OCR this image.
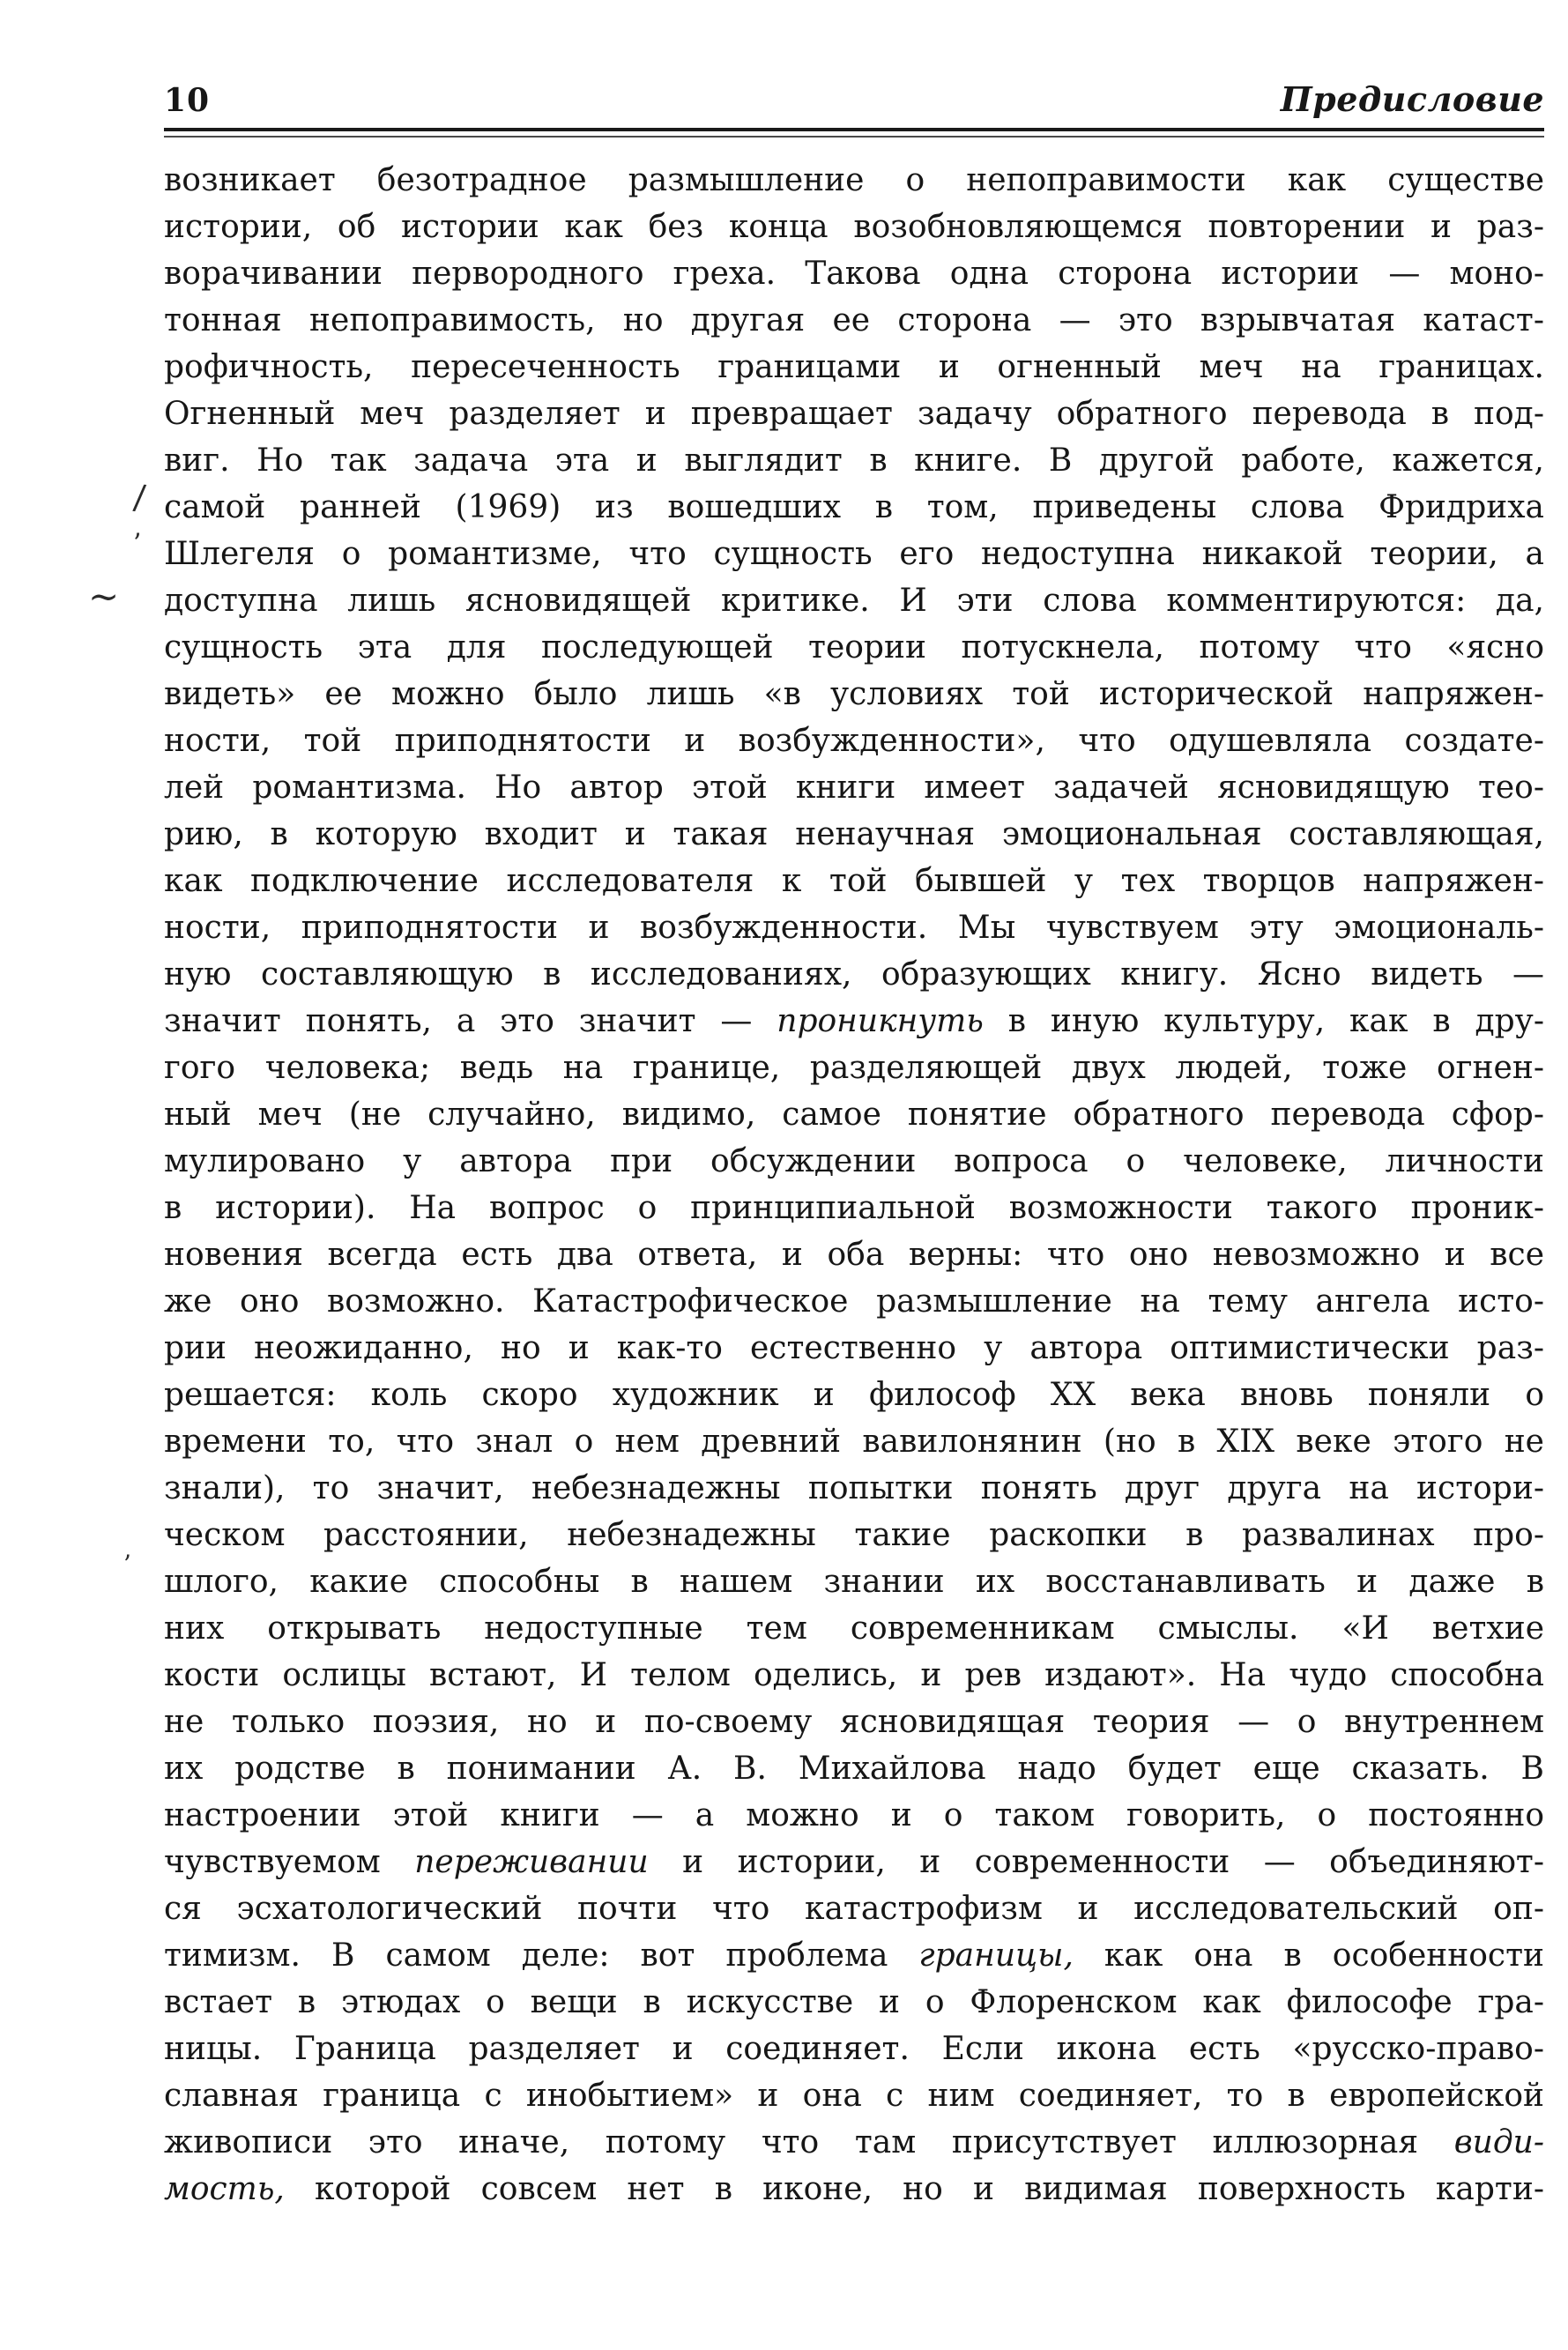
/
ʼ
~
’
10	Предисловие
возникает безотрадное размышление о непоправимости как существе
истории, об истории как без конца возобновляющемся повторении и раз-
ворачивании первородного греха. Такова одна сторона истории — моно-
тонная непоправимость, но другая ее сторона — это взрывчатая катаст-
рофичность, пересеченность границами и огненный меч на границах.
Огненный меч разделяет и превращает задачу обратного перевода в под-
виг. Но так задача эта и выглядит в книге. В другой работе, кажется,
самой ранней (1969) из вошедших в том, приведены слова Фридриха
Шлегеля о романтизме, что сущность его недоступна никакой теории, а
доступна лишь ясновидящей критике. И эти слова комментируются: да,
сущность эта для последующей теории потускнела, потому что «ясно
видеть» ее можно было лишь «в условиях той исторической напряжен-
ности, той приподнятости и возбужденности», что одушевляла создате-
лей романтизма. Но автор этой книги имеет задачей ясновидящую тео-
рию, в которую входит и такая ненаучная эмоциональная составляющая,
как подключение исследователя к той бывшей у тех творцов напряжен-
ности, приподнятости и возбужденности. Мы чувствуем эту эмоциональ-
ную составляющую в исследованиях, образующих книгу. Ясно видеть —
значит понять, а это значит — проникнуть в иную культуру, как в дру-
гого человека; ведь на границе, разделяющей двух людей, тоже огнен-
ный меч (не случайно, видимо, самое понятие обратного перевода сфор-
мулировано у автора при обсуждении вопроса о человеке, личности
в истории). На вопрос о принципиальной возможности такого проник-
новения всегда есть два ответа, и оба верны: что оно невозможно и все
же оно возможно. Катастрофическое размышление на тему ангела исто-
рии неожиданно, но и как-то естественно у автора оптимистически раз-
решается: коль скоро художник и философ XX века вновь поняли о
времени то, что знал о нем древний вавилонянин (но в XIX веке этого не
знали), то значит, небезнадежны попытки понять друг друга на истори-
ческом расстоянии, небезнадежны такие раскопки в развалинах про-
шлого, какие способны в нашем знании их восстанавливать и даже в
них открывать недоступные тем современникам смыслы. «И ветхие
кости ослицы встают, И телом оделись, и рев издают». На чудо способна
не только поэзия, но и по-своему ясновидящая теория — о внутреннем
их родстве в понимании А. В. Михайлова надо будет еще сказать. В
настроении этой книги — а можно и о таком говорить, о постоянно
чувствуемом переживании и истории, и современности — объединяют-
ся эсхатологический почти что катастрофизм и исследовательский оп-
тимизм. В самом деле: вот проблема границы, как она в особенности
встает в этюдах о вещи в искусстве и о Флоренском как философе гра-
ницы. Граница разделяет и соединяет. Если икона есть «русско-право-
славная граница с инобытием» и она с ним соединяет, то в европейской
живописи это иначе, потому что там присутствует иллюзорная види-
мость, которой совсем нет в иконе, но и видимая поверхность карти-
